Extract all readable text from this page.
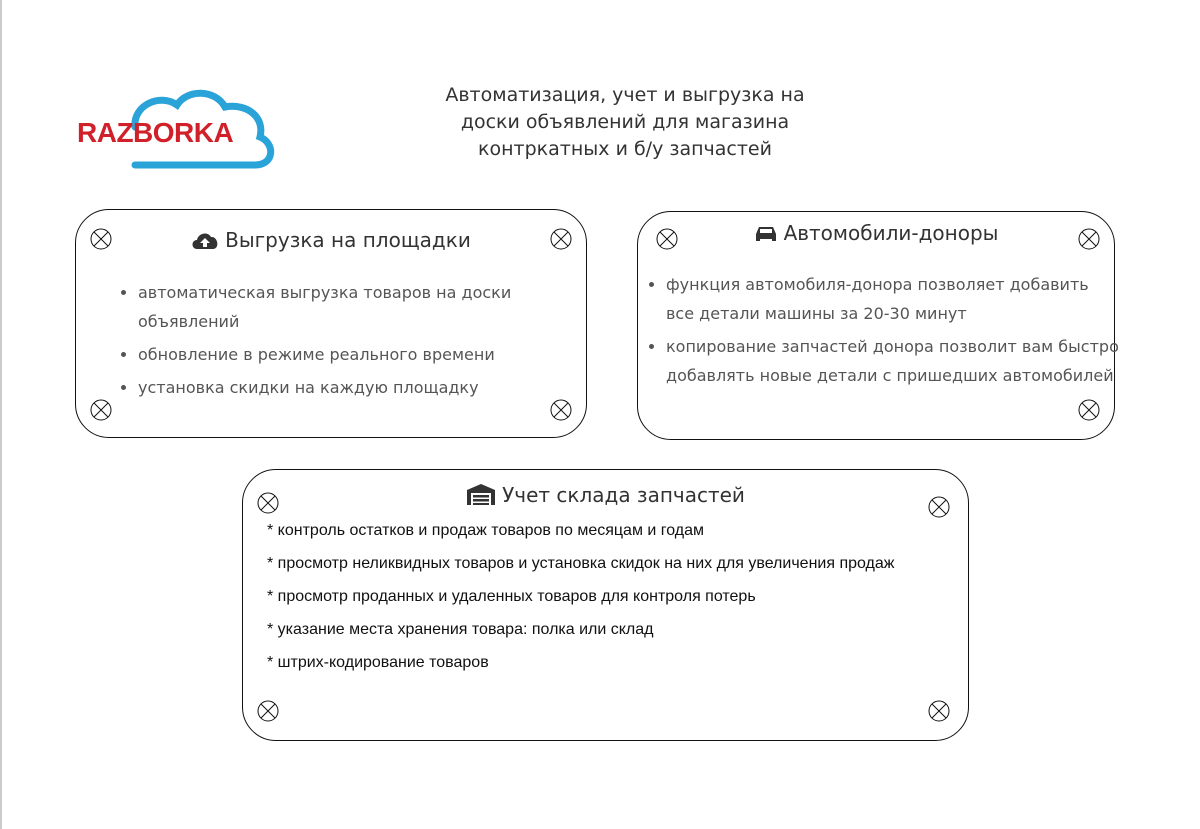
RAZBORKA
Автоматизация, учет и выгрузка на
доски объявлений для магазина
контркатных и б/у запчастей
Выгрузка на площадки
• автоматическая выгрузка товаров на доски объявлений
• обновление в режиме реального времени
• установка скидки на каждую площадку
Автомобили-доноры
• функция автомобиля-донора позволяет добавить все детали машины за 20-30 минут
• копирование запчастей донора позволит вам быстро добавлять новые детали с пришедших автомобилей
Учет склада запчастей
* контроль остатков и продаж товаров по месяцам и годам
* просмотр неликвидных товаров и установка скидок на них для увеличения продаж
* просмотр проданных и удаленных товаров для контроля потерь
* указание места хранения товара: полка или склад
* штрих-кодирование товаров
